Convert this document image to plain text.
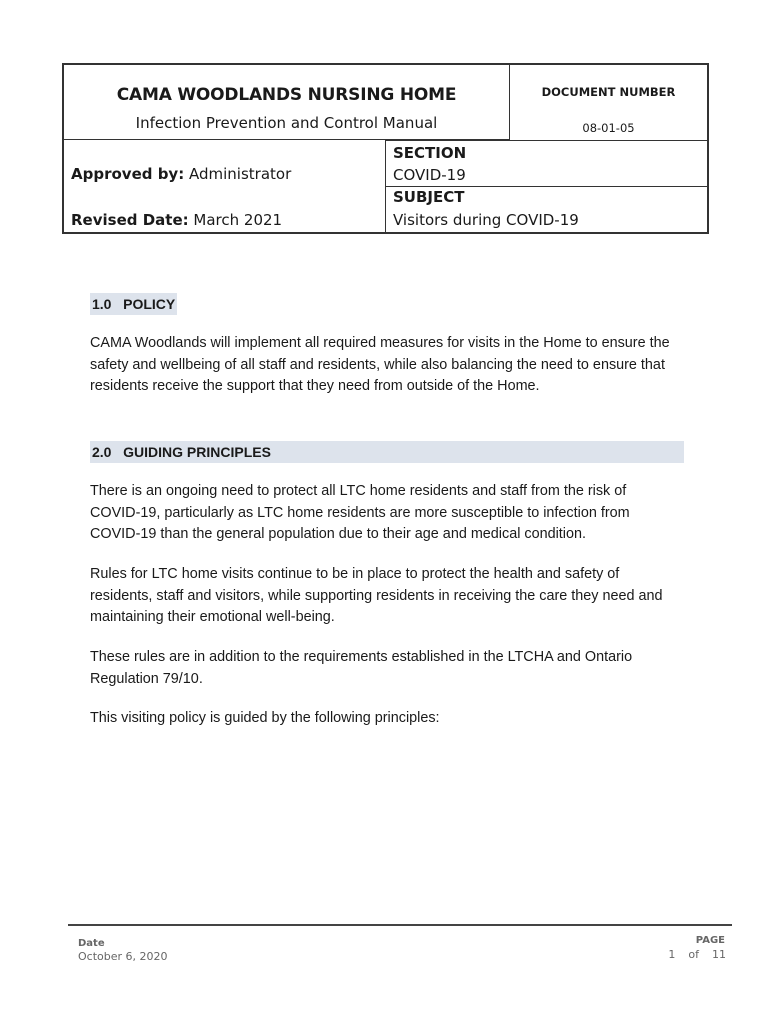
CAMA WOODLANDS NURSING HOME
Infection Prevention and Control Manual
DOCUMENT NUMBER
08-01-05
Approved by: Administrator
SECTION
COVID-19
Revised Date: March 2021
SUBJECT
Visitors during COVID-19
1.0   POLICY

CAMA Woodlands will implement all required measures for visits in the Home to ensure the safety and wellbeing of all staff and residents, while also balancing the need to ensure that residents receive the support that they need from outside of the Home.

2.0   GUIDING PRINCIPLES

There is an ongoing need to protect all LTC home residents and staff from the risk of COVID-19, particularly as LTC home residents are more susceptible to infection from COVID-19 than the general population due to their age and medical condition.

Rules for LTC home visits continue to be in place to protect the health and safety of residents, staff and visitors, while supporting residents in receiving the care they need and maintaining their emotional well-being.

These rules are in addition to the requirements established in the LTCHA and Ontario Regulation 79/10.

This visiting policy is guided by the following principles:

Date
October 6, 2020
PAGE
1  of  11
